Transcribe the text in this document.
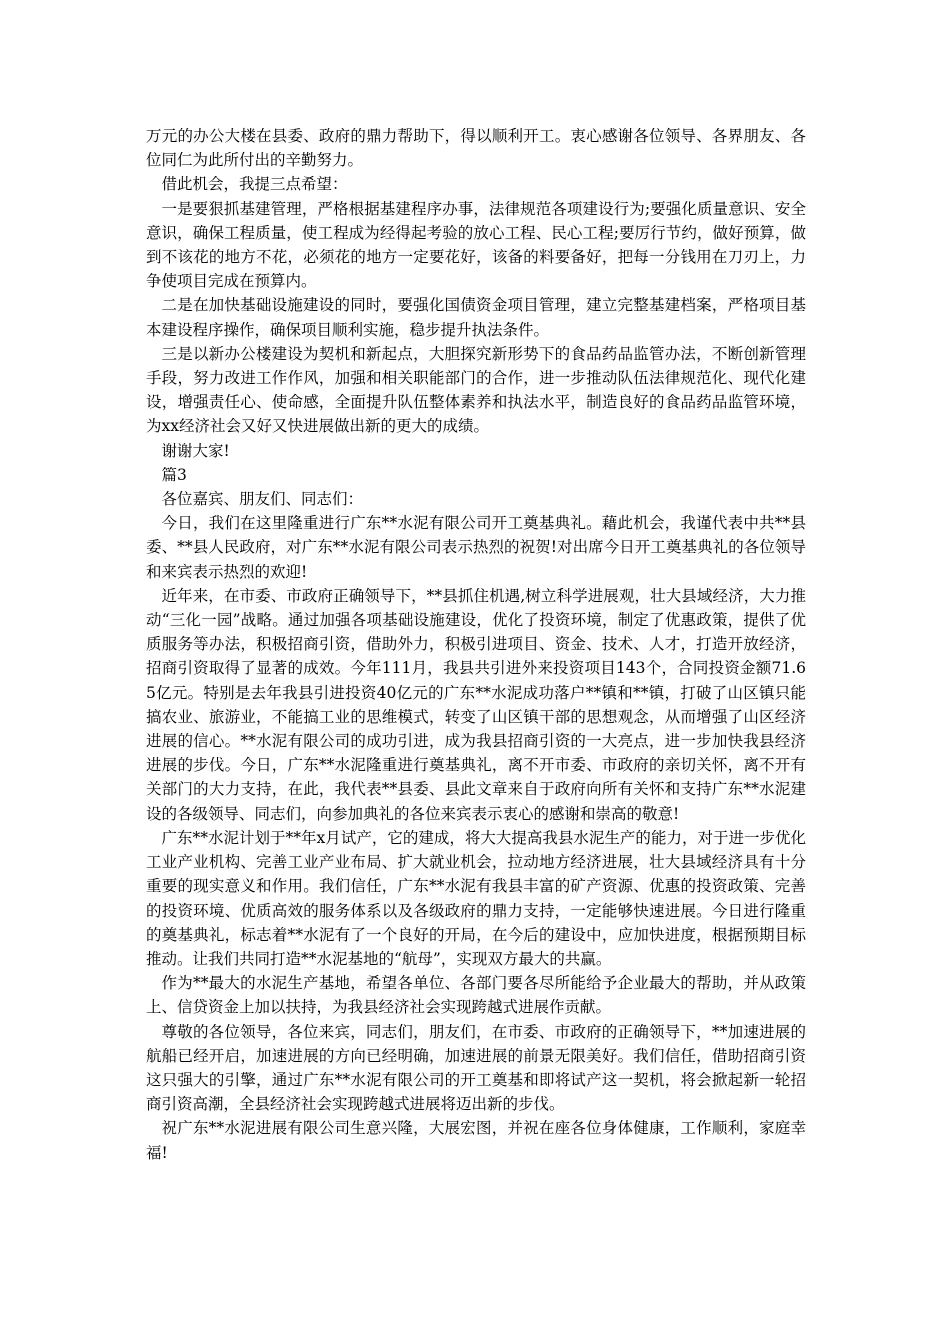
万元的办公大楼在县委、政府的鼎力帮助下，得以顺利开工。衷心感谢各位领导、各界朋友、各位同仁为此所付出的辛勤努力。

借此机会，我提三点希望：

一是要狠抓基建管理，严格根据基建程序办事，法律规范各项建设行为;要强化质量意识、安全意识，确保工程质量，使工程成为经得起考验的放心工程、民心工程;要厉行节约，做好预算，做到不该花的地方不花，必须花的地方一定要花好，该备的料要备好，把每一分钱用在刀刃上，力争使项目完成在预算内。

二是在加快基础设施建设的同时，要强化国债资金项目管理，建立完整基建档案，严格项目基本建设程序操作，确保项目顺利实施，稳步提升执法条件。

三是以新办公楼建设为契机和新起点，大胆探究新形势下的食品药品监管办法，不断创新管理手段，努力改进工作作风，加强和相关职能部门的合作，进一步推动队伍法律规范化、现代化建设，增强责任心、使命感，全面提升队伍整体素养和执法水平，制造良好的食品药品监管环境，为xx经济社会又好又快进展做出新的更大的成绩。

谢谢大家!

篇3

各位嘉宾、朋友们、同志们：

今日，我们在这里隆重进行广东**水泥有限公司开工奠基典礼。藉此机会，我谨代表中共**县委、**县人民政府，对广东**水泥有限公司表示热烈的祝贺!对出席今日开工奠基典礼的各位领导和来宾表示热烈的欢迎!

近年来，在市委、市政府正确领导下，**县抓住机遇,树立科学进展观，壮大县域经济，大力推动“三化一园”战略。通过加强各项基础设施建设，优化了投资环境，制定了优惠政策，提供了优质服务等办法，积极招商引资，借助外力，积极引进项目、资金、技术、人才，打造开放经济，招商引资取得了显著的成效。今年111月，我县共引进外来投资项目143个，合同投资金额71.65亿元。特别是去年我县引进投资40亿元的广东**水泥成功落户**镇和**镇，打破了山区镇只能搞农业、旅游业，不能搞工业的思维模式，转变了山区镇干部的思想观念，从而增强了山区经济进展的信心。**水泥有限公司的成功引进，成为我县招商引资的一大亮点，进一步加快我县经济进展的步伐。今日，广东**水泥隆重进行奠基典礼，离不开市委、市政府的亲切关怀，离不开有关部门的大力支持，在此，我代表**县委、县此文章来自于政府向所有关怀和支持广东**水泥建设的各级领导、同志们，向参加典礼的各位来宾表示衷心的感谢和崇高的敬意!

广东**水泥计划于**年x月试产，它的建成，将大大提高我县水泥生产的能力，对于进一步优化工业产业机构、完善工业产业布局、扩大就业机会，拉动地方经济进展，壮大县域经济具有十分重要的现实意义和作用。我们信任，广东**水泥有我县丰富的矿产资源、优惠的投资政策、完善的投资环境、优质高效的服务体系以及各级政府的鼎力支持，一定能够快速进展。今日进行隆重的奠基典礼，标志着**水泥有了一个良好的开局，在今后的建设中，应加快进度，根据预期目标推动。让我们共同打造**水泥基地的“航母”，实现双方最大的共赢。

作为**最大的水泥生产基地，希望各单位、各部门要各尽所能给予企业最大的帮助，并从政策上、信贷资金上加以扶持，为我县经济社会实现跨越式进展作贡献。

尊敬的各位领导，各位来宾，同志们，朋友们，在市委、市政府的正确领导下，**加速进展的航船已经开启，加速进展的方向已经明确，加速进展的前景无限美好。我们信任，借助招商引资这只强大的引擎，通过广东**水泥有限公司的开工奠基和即将试产这一契机，将会掀起新一轮招商引资高潮，全县经济社会实现跨越式进展将迈出新的步伐。

祝广东**水泥进展有限公司生意兴隆，大展宏图，并祝在座各位身体健康，工作顺利，家庭幸福!
